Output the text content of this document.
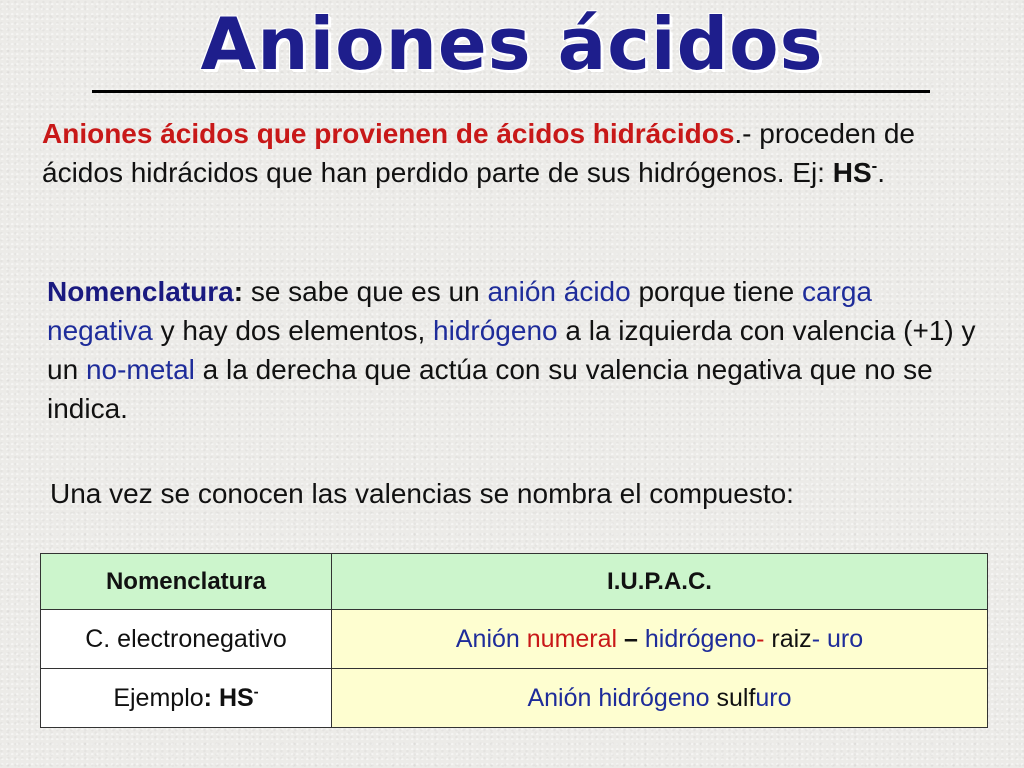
Aniones ácidos

Aniones ácidos que provienen de ácidos hidrácidos.- proceden de ácidos hidrácidos que han perdido parte de sus hidrógenos. Ej: HS-.

Nomenclatura: se sabe que es un anión ácido porque tiene carga negativa y hay dos elementos, hidrógeno a la izquierda con valencia (+1) y un no-metal a la derecha que actúa con su valencia negativa que no se indica.

Una vez se conocen las valencias se nombra el compuesto:

Nomenclatura	I.U.P.A.C.
C. electronegativo	Anión numeral – hidrógeno- raiz- uro
Ejemplo: HS-	Anión hidrógeno sulfuro
